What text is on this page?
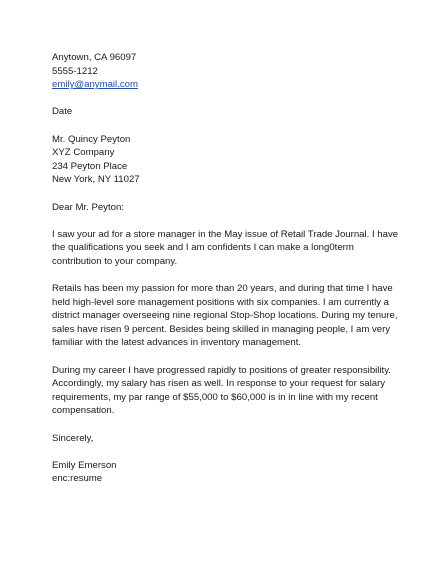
Anytown, CA 96097
5555-1212
emily@anymail.com
Date
Mr. Quincy Peyton
XYZ Company
234 Peyton Place
New York, NY 11027
Dear Mr. Peyton:
I saw your ad for a store manager in the May issue of Retail Trade Journal. I have
the qualifications you seek and I am confidents I can make a long0term
contribution to your company.
Retails has been my passion for more than 20 years, and during that time I have
held high-level sore management positions with six companies. I am currently a
district manager overseeing nine regional Stop-Shop locations. During my tenure,
sales have risen 9 percent. Besides being skilled in managing people, I am very
familiar with the latest advances in inventory management.
During my career I have progressed rapidly to positions of greater responsibility.
Accordingly, my salary has risen as well. In response to your request for salary
requirements, my par range of $55,000 to $60,000 is in in line with my recent
compensation.
Sincerely,
Emily Emerson
enc:resume
